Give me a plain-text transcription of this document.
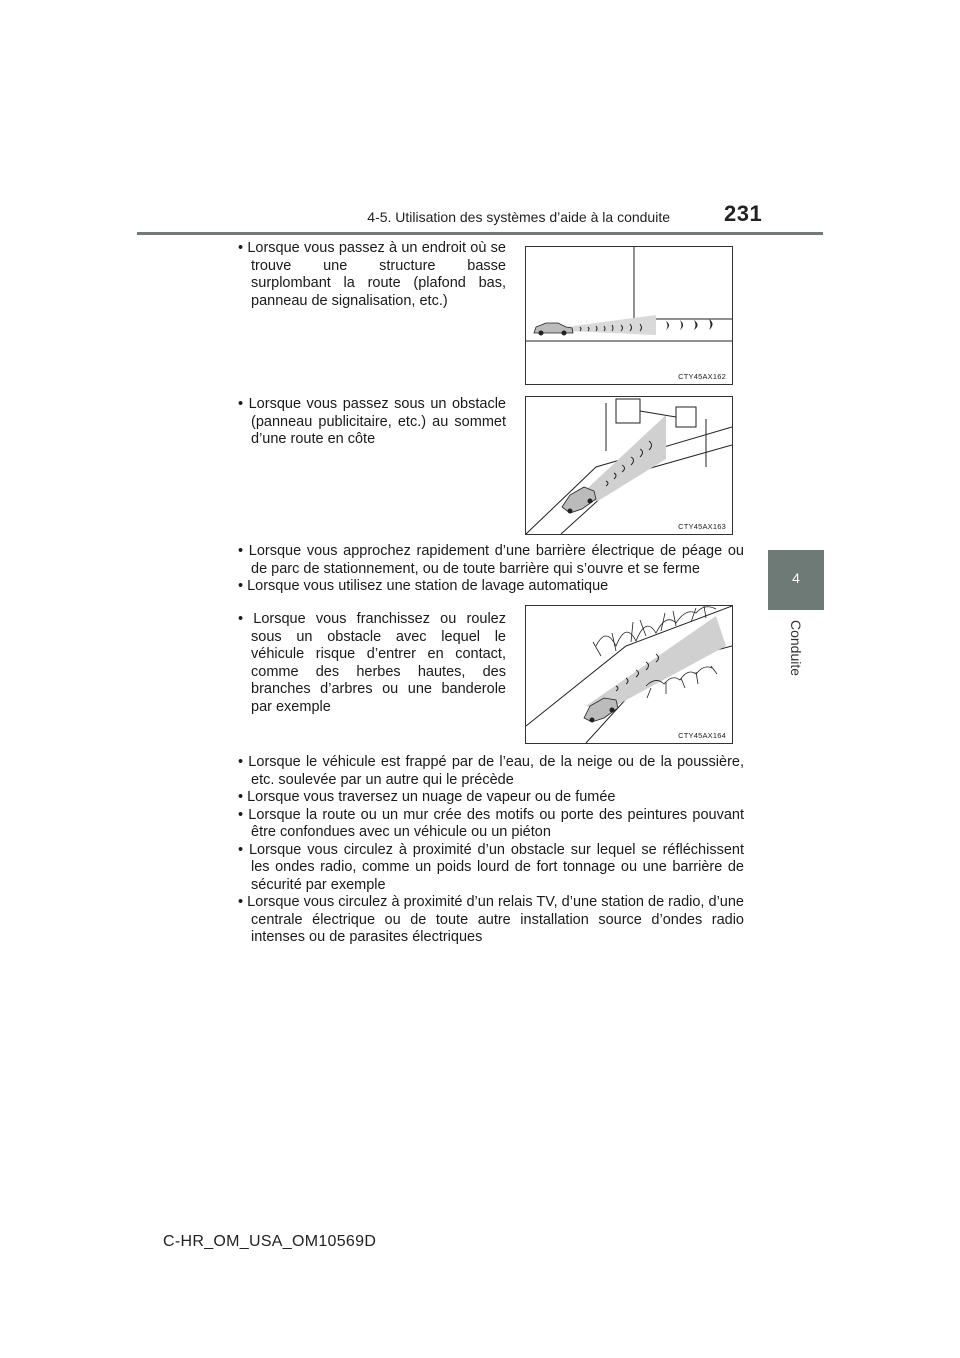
4-5. Utilisation des systèmes d’aide à la conduite 231
4
Conduite

• Lorsque vous passez à un endroit où se trouve une structure basse surplombant la route (plafond bas, panneau de signalisation, etc.)

CTY45AX162

• Lorsque vous passez sous un obstacle (panneau publicitaire, etc.) au sommet d’une route en côte

CTY45AX163

• Lorsque vous approchez rapidement d’une barrière électrique de péage ou de parc de stationnement, ou de toute barrière qui s’ouvre et se ferme

• Lorsque vous utilisez une station de lavage automatique

• Lorsque vous franchissez ou roulez sous un obstacle avec lequel le véhicule risque d’entrer en contact, comme des herbes hautes, des branches d’arbres ou une banderole par exemple

CTY45AX164

• Lorsque le véhicule est frappé par de l’eau, de la neige ou de la poussière, etc. soulevée par un autre qui le précède

• Lorsque vous traversez un nuage de vapeur ou de fumée

• Lorsque la route ou un mur crée des motifs ou porte des peintures pouvant être confondues avec un véhicule ou un piéton

• Lorsque vous circulez à proximité d’un obstacle sur lequel se réfléchissent les ondes radio, comme un poids lourd de fort tonnage ou une barrière de sécurité par exemple

• Lorsque vous circulez à proximité d’un relais TV, d’une station de radio, d’une centrale électrique ou de toute autre installation source d’ondes radio intenses ou de parasites électriques

C-HR_OM_USA_OM10569D
